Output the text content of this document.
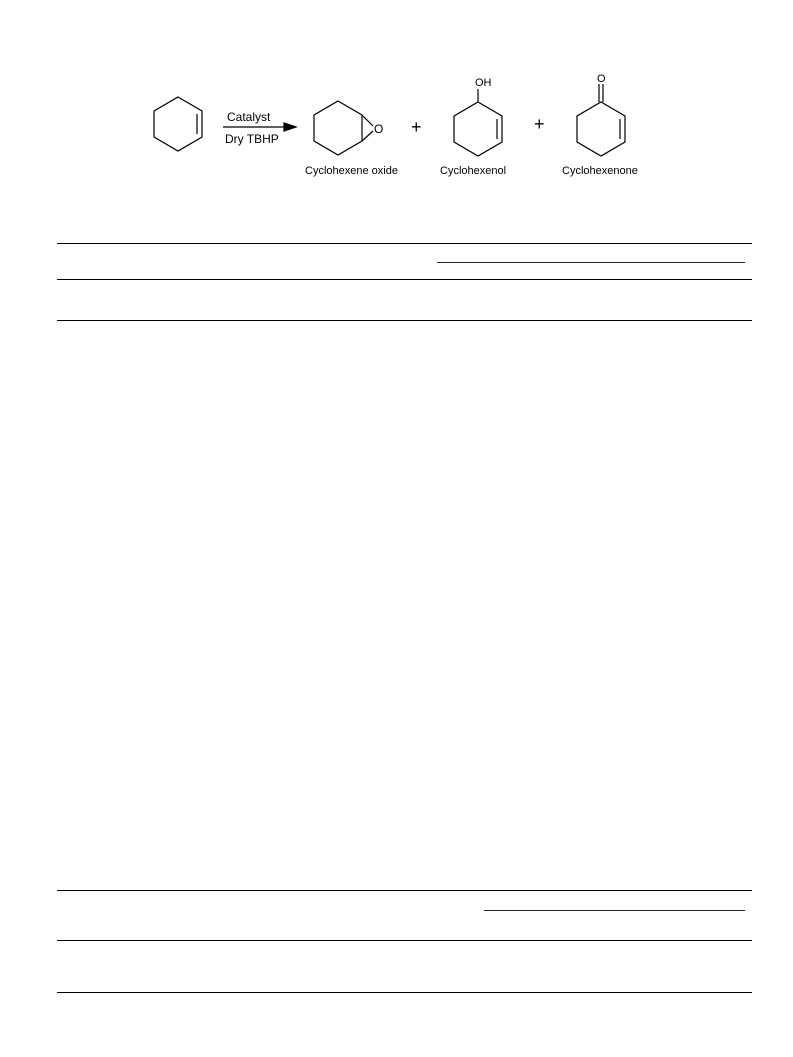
Catalyst
Dry TBHP
O +
OH
+
O
Cyclohexene oxide	Cyclohexenol	Cyclohexenone
